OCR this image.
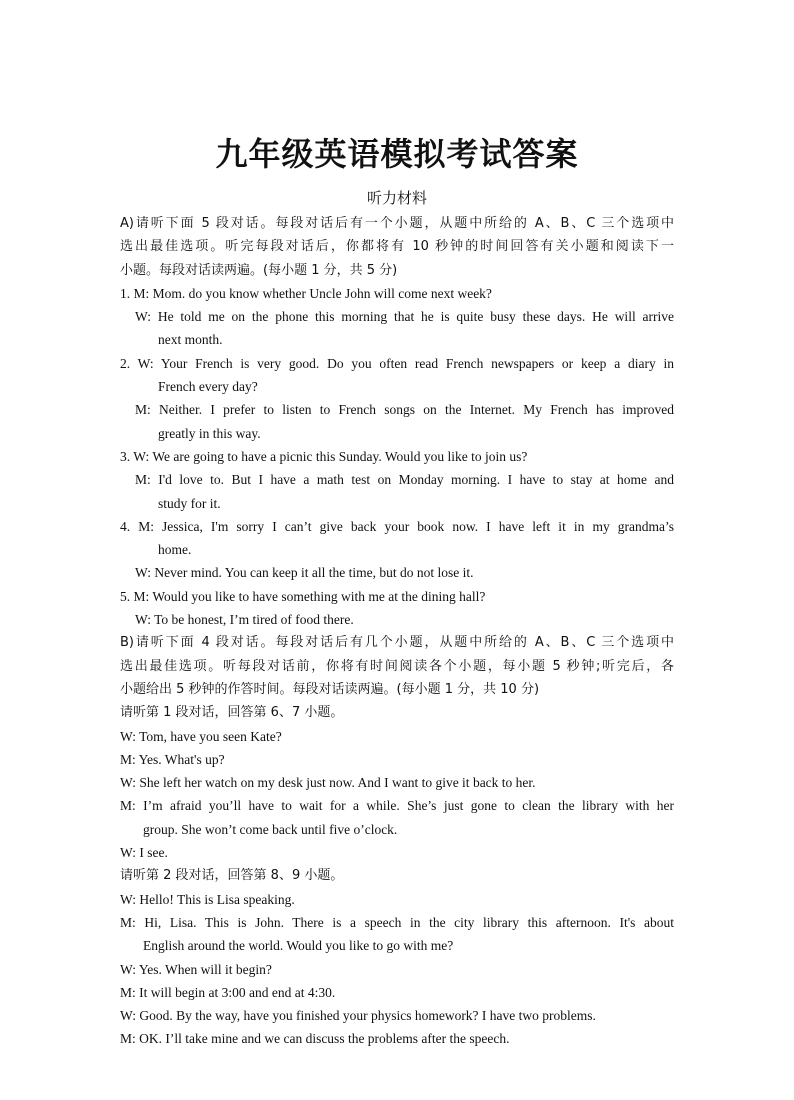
九年级英语模拟考试答案
听力材料
A)请听下面 5 段对话。每段对话后有一个小题，从题中所给的 A、B、C 三个选项中
选出最佳选项。听完每段对话后，你都将有 10 秒钟的时间回答有关小题和阅读下一
小题。每段对话读两遍。(每小题 1 分，共 5 分)
1. M: Mom. do you know whether Uncle John will come next week?
W: He told me on the phone this morning that he is quite busy these days. He will arrive
next month.
2. W: Your French is very good. Do you often read French newspapers or keep a diary in
French every day?
M: Neither. I prefer to listen to French songs on the Internet. My French has improved
greatly in this way.
3. W: We are going to have a picnic this Sunday. Would you like to join us?
M: I'd love to. But I have a math test on Monday morning. I have to stay at home and
study for it.
4. M: Jessica, I'm sorry I can’t give back your book now. I have left it in my grandma’s
home.
W: Never mind. You can keep it all the time, but do not lose it.
5. M: Would you like to have something with me at the dining hall?
W: To be honest, I’m tired of food there.
B)请听下面 4 段对话。每段对话后有几个小题，从题中所给的 A、B、C 三个选项中
选出最佳选项。听每段对话前，你将有时间阅读各个小题，每小题 5 秒钟;听完后，各
小题给出 5 秒钟的作答时间。每段对话读两遍。(每小题 1 分，共 10 分)
请听第 1 段对话，回答第 6、7 小题。
W: Tom, have you seen Kate?
M: Yes. What's up?
W: She left her watch on my desk just now. And I want to give it back to her.
M: I’m afraid you’ll have to wait for a while. She’s just gone to clean the library with her
group. She won’t come back until five o’clock.
W: I see.
请听第 2 段对话，回答第 8、9 小题。
W: Hello! This is Lisa speaking.
M: Hi, Lisa. This is John. There is a speech in the city library this afternoon. It's about
English around the world. Would you like to go with me?
W: Yes. When will it begin?
M: It will begin at 3:00 and end at 4:30.
W: Good. By the way, have you finished your physics homework? I have two problems.
M: OK. I’ll take mine and we can discuss the problems after the speech.
